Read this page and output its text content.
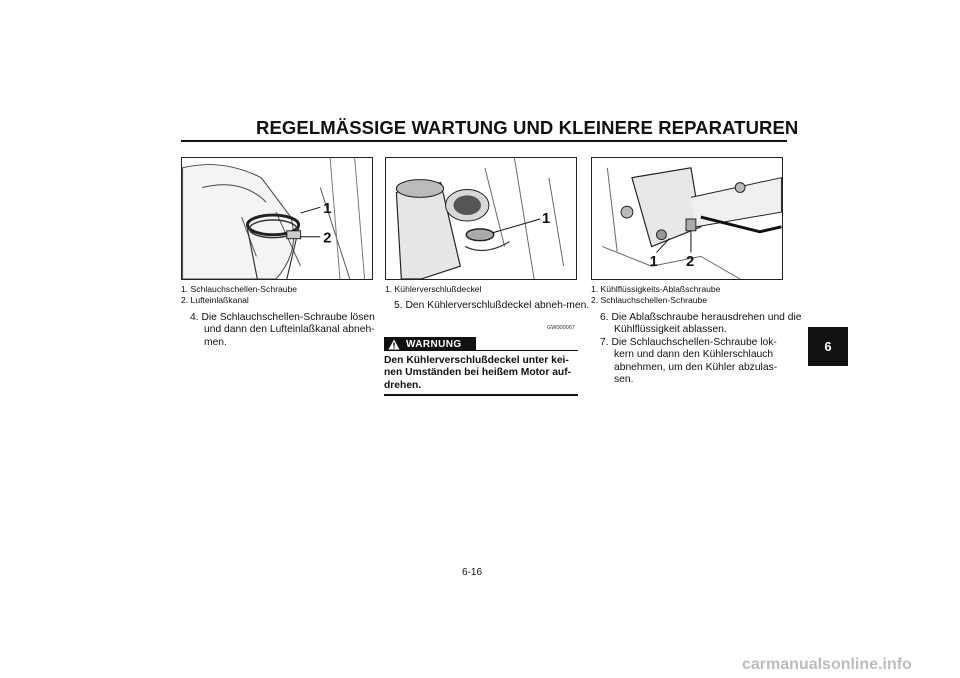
REGELMÄSSIGE WARTUNG UND KLEINERE REPARATUREN
1
2
1. Schlauchschellen-Schraube
2. Lufteinlaßkanal
4. Die Schlauchschellen-Schraube lösen und dann den Lufteinlaßkanal abneh-men.
1
1. Kühlerverschlußdeckel
5. Den Kühlerverschlußdeckel abneh-men.
GW000067
WARNUNG
Den Kühlerverschlußdeckel unter kei-nen Umständen bei heißem Motor auf-drehen.
1 2
1. Kühlflüssigkeits-Ablaßschraube
2. Schlauchschellen-Schraube
6. Die Ablaßschraube herausdrehen und die Kühlflüssigkeit ablassen.
7. Die Schlauchschellen-Schraube lok-kern und dann den Kühlerschlauch abnehmen, um den Kühler abzulas-sen.
6
6-16
carmanualsonline.info
